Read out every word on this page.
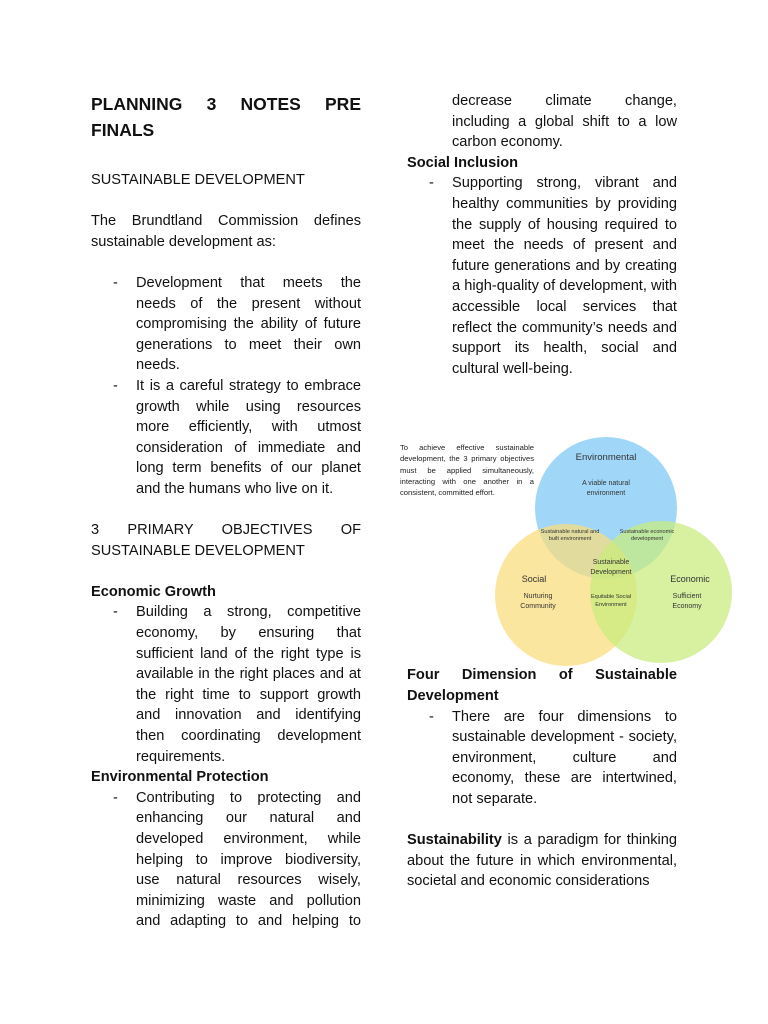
PLANNING 3 NOTES PRE FINALS

SUSTAINABLE DEVELOPMENT

The Brundtland Commission defines sustainable development as:

- Development that meets the needs of the present without compromising the ability of future generations to meet their own needs.
- It is a careful strategy to embrace growth while using resources more efficiently, with utmost consideration of immediate and long term benefits of our planet and the humans who live on it.

3 PRIMARY OBJECTIVES OF SUSTAINABLE DEVELOPMENT

Economic Growth

- Building a strong, competitive economy, by ensuring that sufficient land of the right type is available in the right places and at the right time to support growth and innovation and identifying then coordinating development requirements.

Environmental Protection

- Contributing to protecting and enhancing our natural and developed environment, while helping to improve biodiversity, use natural resources wisely, minimizing waste and pollution and adapting to and helping to
decrease climate change, including a global shift to a low carbon economy.

Social Inclusion

- Supporting strong, vibrant and healthy communities by providing the supply of housing required to meet the needs of present and future generations and by creating a high-quality of development, with accessible local services that reflect the community’s needs and support its health, social and cultural well-being.

Four Dimension of Sustainable Development

- There are four dimensions to sustainable development - society, environment, culture and economy, these are intertwined, not separate.

Sustainability is a paradigm for thinking about the future in which environmental, societal and economic considerations

To achieve effective sustainable development, the 3 primary objectives must be applied simultaneously, interacting with one another in a consistent, committed effort.
Environmental
A viable natural
environment
Sustainable natural and
built environment
Sustainable economic
development
Sustainable
Development
Social
Nurturing
Community
Equitable Social
Environment
Economic
Sufficient
Economy
